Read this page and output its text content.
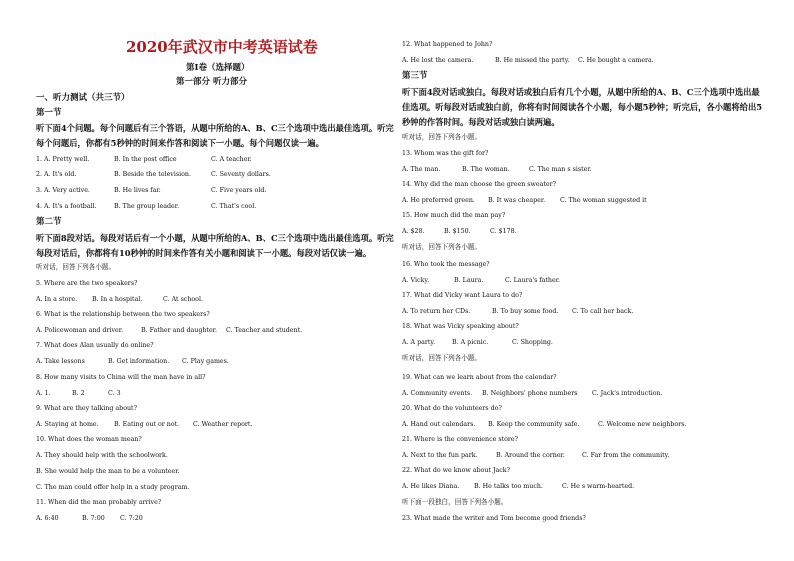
2020年武汉市中考英语试卷
第Ⅰ卷（选择题）
第一部分 听力部分
一、听力测试（共三节）
第一节
听下面4个问题。每个问题后有三个答语，从题中所给的A、B、C三个选项中选出最佳选项。听完
每个问题后，你都有5秒钟的时间来作答和阅读下一小题。每个问题仅读一遍。
1. A. Pretty well.	B. In the post office	C. A teacher.
2. A. It's old.	B. Beside the television.	C. Seventy dollars.
3. A. Very active.	B. He lives far.	C. Five years old.
4. A. It's a football.	B. The group leader.	C. That's cool.
第二节
听下面8段对话。每段对话后有一个小题，从题中所给的A、B、C三个选项中选出最佳选项。听完
每段对话后，你都将有10秒钟的时间来作答有关小题和阅读下一小题。每段对话仅读一遍。
听对话，回答下列各小题。
5. Where are the two speakers?
A. In a store. B. In a hospital.	C. At school.
6. What is the relationship between the two speakers?
A. Policewoman and driver.	B. Father and daughter. C. Teacher and student.
7. What does Alan usually do online?
A. Take lessons	B. Get information. C. Play games.
8. How many visits to China will the man have in all?
A. 1.	B. 2	C. 3
9. What are they talking about?
A. Staying at home. B. Eating out or not. C. Weather report.
10. What does the woman mean?
A. They should help with the schoolwork.
B. She would help the man to be a volunteer.
C. The man could offer help in a study program.
11. When did the man probably arrive?
A. 6:40	B. 7:00 C. 7:20
12. What happened to John?
A. He lost the camera.	B. He missed the party. C. He bought a camera.
第三节
听下面4段对话或独白。每段对话或独白后有几个小题，从题中所给的A、B、C三个选项中选出最
佳选项。听每段对话或独白前，你将有时间阅读各个小题，每小题5秒钟；听完后，各小题将给出5
秒钟的作答时间。每段对话或独白读两遍。
听对话，回答下列各小题。
13. Whom was the gift for?
A. The man.	B. The woman.	C. The man s sister.
14. Why did the man choose the green sweater?
A. He preferred green. B. It was cheaper. C. The woman suggested it
15. How much did the man pay?
A. $28.	B. $150.	C. $178.
听对话，回答下列各小题。
16. Who took the message?
A. Vicky.	B. Laura.	C. Laura's father.
17. What did Vicky want Laura to do?
A. To return her CDs.	B. To buy some food. C. To call her back.
18. What was Vicky speaking about?
A. A party.	B. A picnic.	C. Shopping.
听对话，回答下列各小题。
19. What can we learn about from the calendar?
A. Community events. B. Neighbors' phone numbers C. Jack's introduction.
20. What do the volunteers do?
A. Hand out calendars. B. Keep the community safe.	C. Welcome new neighbors.
21. Where is the convenience store?
A. Next to the fun park.	B. Around the corner.	C. Far from the community.
22. What do we know about Jack?
A. He likes Diana. B. He talks too much.	C. He s warm-hearted.
听下面一段独白，回答下列各小题。
23. What made the writer and Tom become good friends?
